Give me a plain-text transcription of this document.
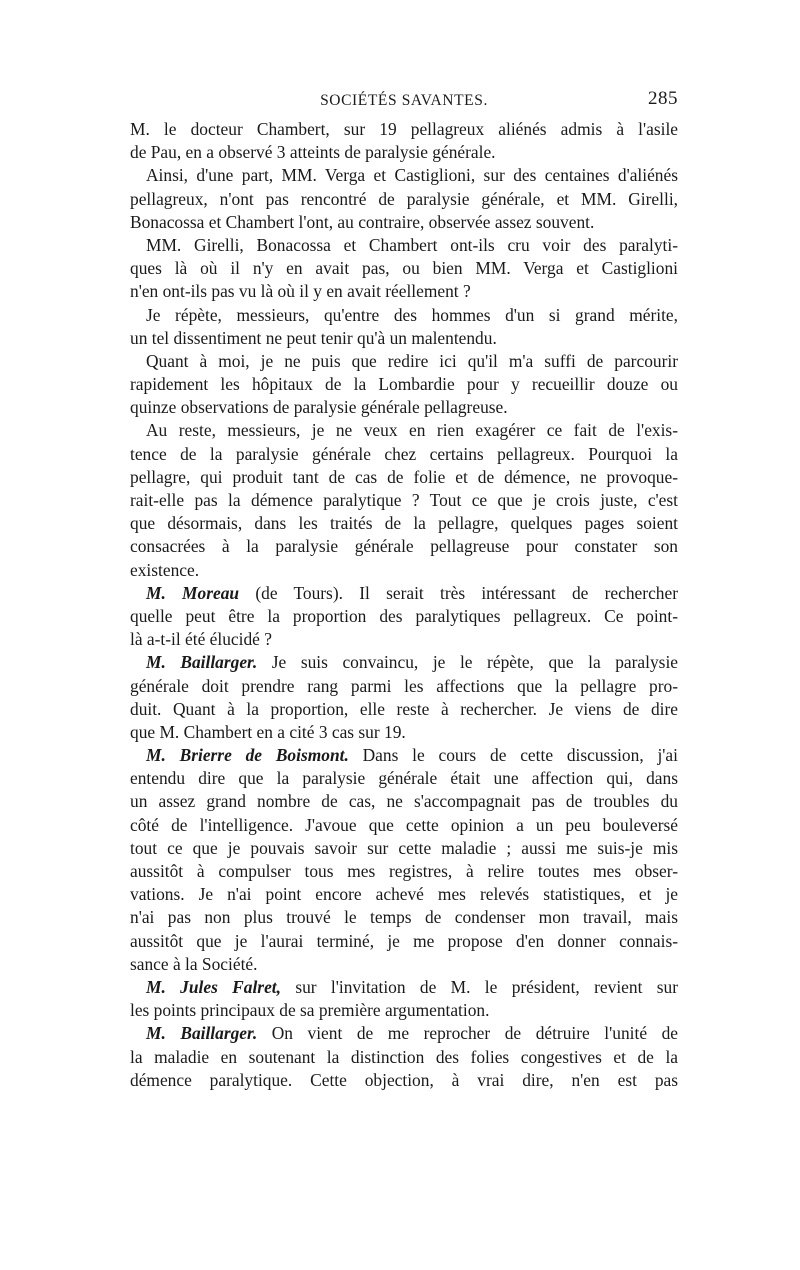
SOCIÉTÉS SAVANTES.	285
M. le docteur Chambert, sur 19 pellagreux aliénés admis à l'asile
de Pau, en a observé 3 atteints de paralysie générale.
Ainsi, d'une part, MM. Verga et Castiglioni, sur des centaines d'aliénés
pellagreux, n'ont pas rencontré de paralysie générale, et MM. Girelli,
Bonacossa et Chambert l'ont, au contraire, observée assez souvent.
MM. Girelli, Bonacossa et Chambert ont-ils cru voir des paralyti-
ques là où il n'y en avait pas, ou bien MM. Verga et Castiglioni
n'en ont-ils pas vu là où il y en avait réellement ?
Je répète, messieurs, qu'entre des hommes d'un si grand mérite,
un tel dissentiment ne peut tenir qu'à un malentendu.
Quant à moi, je ne puis que redire ici qu'il m'a suffi de parcourir
rapidement les hôpitaux de la Lombardie pour y recueillir douze ou
quinze observations de paralysie générale pellagreuse.
Au reste, messieurs, je ne veux en rien exagérer ce fait de l'exis-
tence de la paralysie générale chez certains pellagreux. Pourquoi la
pellagre, qui produit tant de cas de folie et de démence, ne provoque-
rait-elle pas la démence paralytique ? Tout ce que je crois juste, c'est
que désormais, dans les traités de la pellagre, quelques pages soient
consacrées à la paralysie générale pellagreuse pour constater son
existence.
M. Moreau (de Tours). Il serait très intéressant de rechercher
quelle peut être la proportion des paralytiques pellagreux. Ce point-
là a-t-il été élucidé ?
M. Baillarger. Je suis convaincu, je le répète, que la paralysie
générale doit prendre rang parmi les affections que la pellagre pro-
duit. Quant à la proportion, elle reste à rechercher. Je viens de dire
que M. Chambert en a cité 3 cas sur 19.
M. Brierre de Boismont. Dans le cours de cette discussion, j'ai
entendu dire que la paralysie générale était une affection qui, dans
un assez grand nombre de cas, ne s'accompagnait pas de troubles du
côté de l'intelligence. J'avoue que cette opinion a un peu bouleversé
tout ce que je pouvais savoir sur cette maladie ; aussi me suis-je mis
aussitôt à compulser tous mes registres, à relire toutes mes obser-
vations. Je n'ai point encore achevé mes relevés statistiques, et je
n'ai pas non plus trouvé le temps de condenser mon travail, mais
aussitôt que je l'aurai terminé, je me propose d'en donner connais-
sance à la Société.
M. Jules Falret, sur l'invitation de M. le président, revient sur
les points principaux de sa première argumentation.
M. Baillarger. On vient de me reprocher de détruire l'unité de
la maladie en soutenant la distinction des folies congestives et de la
démence paralytique. Cette objection, à vrai dire, n'en est pas
